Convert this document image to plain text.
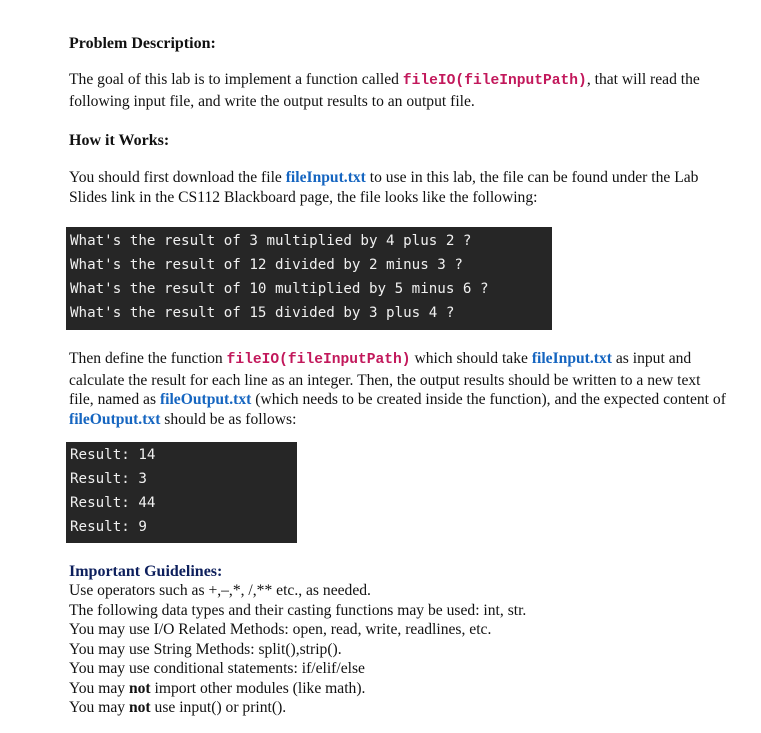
Problem Description:
The goal of this lab is to implement a function called fileIO(fileInputPath), that will read the following input file, and write the output results to an output file.
How it Works:
You should first download the file fileInput.txt to use in this lab, the file can be found under the Lab Slides link in the CS112 Blackboard page, the file looks like the following:
What's the result of 3 multiplied by 4 plus 2 ?
What's the result of 12 divided by 2 minus 3 ?
What's the result of 10 multiplied by 5 minus 6 ?
What's the result of 15 divided by 3 plus 4 ?
Then define the function fileIO(fileInputPath) which should take fileInput.txt as input and calculate the result for each line as an integer. Then, the output results should be written to a new text file, named as fileOutput.txt (which needs to be created inside the function), and the expected content of fileOutput.txt should be as follows:
Result: 14
Result: 3
Result: 44
Result: 9
Important Guidelines:
Use operators such as +,–,*, /,** etc., as needed.
The following data types and their casting functions may be used: int, str.
You may use I/O Related Methods: open, read, write, readlines, etc.
You may use String Methods: split(),strip().
You may use conditional statements: if/elif/else
You may not import other modules (like math).
You may not use input() or print().
